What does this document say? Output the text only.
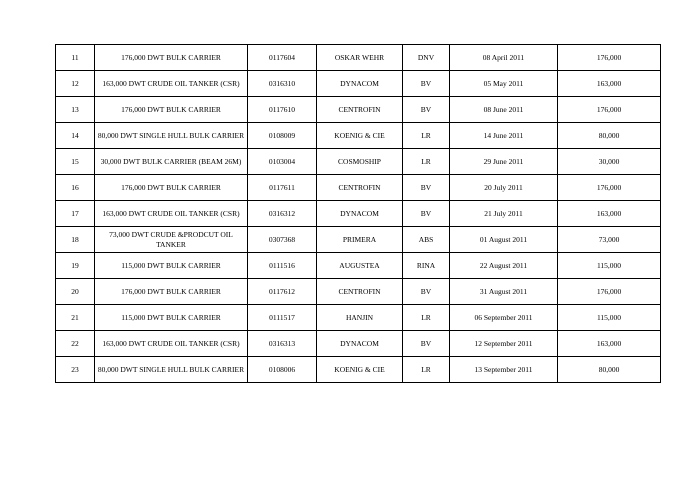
11	176,000 DWT BULK CARRIER	0117604	OSKAR WEHR	DNV	08 April 2011	176,000
12	163,000 DWT CRUDE OIL TANKER (CSR)	0316310	DYNACOM	BV	05 May 2011	163,000
13	176,000 DWT BULK CARRIER	0117610	CENTROFIN	BV	08 June 2011	176,000
14	80,000 DWT SINGLE HULL BULK CARRIER	0108009	KOENIG & CIE	LR	14 June 2011	80,000
15	30,000 DWT BULK CARRIER (BEAM 26M)	0103004	COSMOSHIP	LR	29 June 2011	30,000
16	176,000 DWT BULK CARRIER	0117611	CENTROFIN	BV	20 July 2011	176,000
17	163,000 DWT CRUDE OIL TANKER (CSR)	0316312	DYNACOM	BV	21 July 2011	163,000
18	73,000 DWT CRUDE &PRODCUT OIL TANKER	0307368	PRIMERA	ABS	01 August 2011	73,000
19	115,000 DWT BULK CARRIER	0111516	AUGUSTEA	RINA	22 August 2011	115,000
20	176,000 DWT BULK CARRIER	0117612	CENTROFIN	BV	31 August 2011	176,000
21	115,000 DWT BULK CARRIER	0111517	HANJIN	LR	06 September 2011	115,000
22	163,000 DWT CRUDE OIL TANKER (CSR)	0316313	DYNACOM	BV	12 September 2011	163,000
23	80,000 DWT SINGLE HULL BULK CARRIER	0108006	KOENIG & CIE	LR	13 September 2011	80,000
